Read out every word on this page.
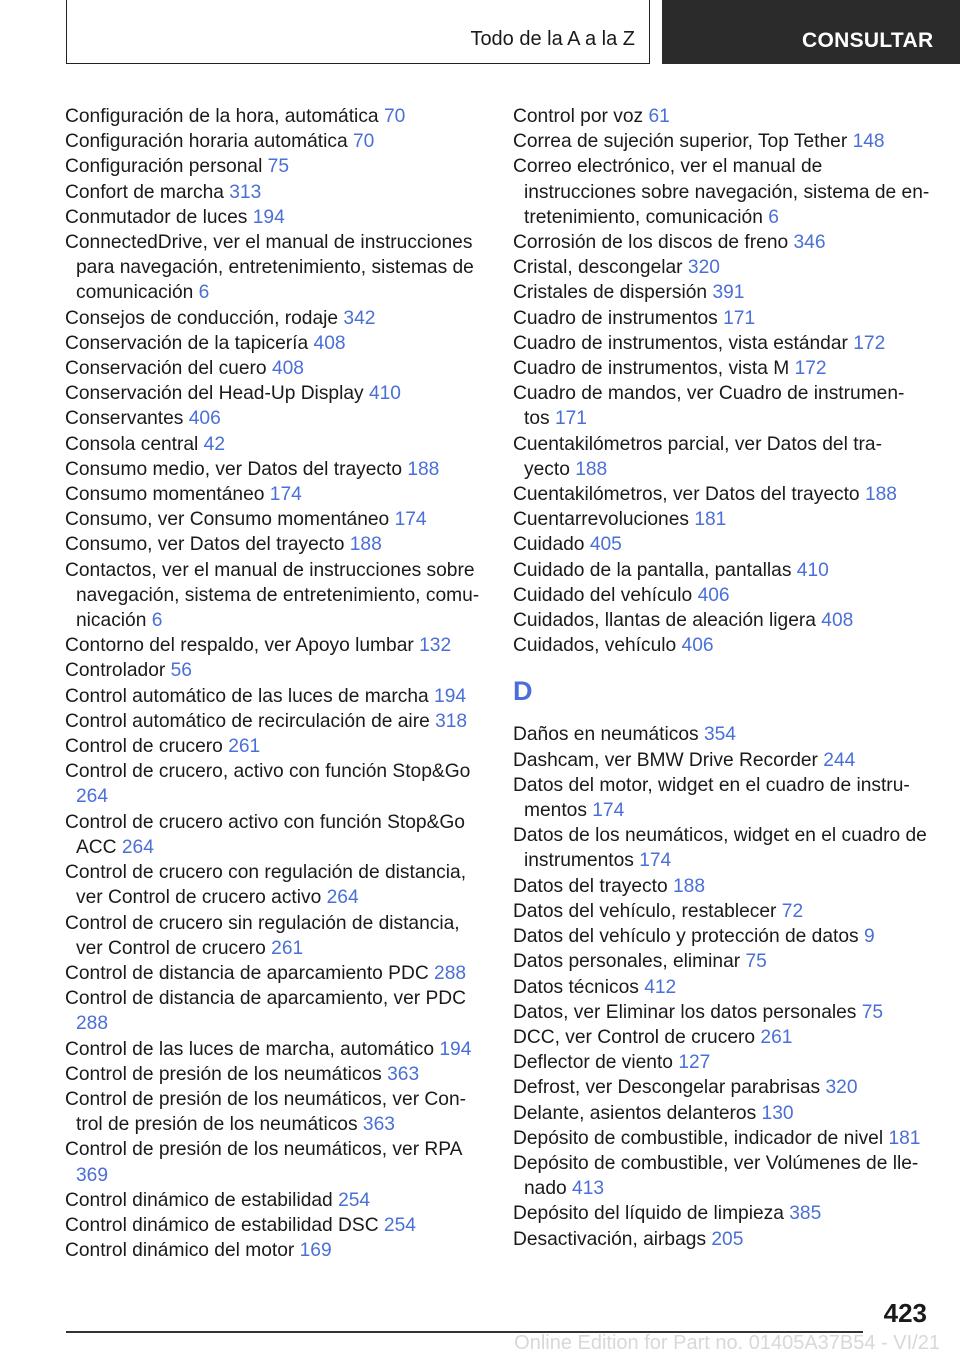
Todo de la A a la Z	CONSULTAR
Configuración de la hora, automática 70
Configuración horaria automática 70
Configuración personal 75
Confort de marcha 313
Conmutador de luces 194
ConnectedDrive, ver el manual de instrucciones para navegación, entretenimiento, sistemas de comunicación 6
Consejos de conducción, rodaje 342
Conservación de la tapicería 408
Conservación del cuero 408
Conservación del Head-Up Display 410
Conservantes 406
Consola central 42
Consumo medio, ver Datos del trayecto 188
Consumo momentáneo 174
Consumo, ver Consumo momentáneo 174
Consumo, ver Datos del trayecto 188
Contactos, ver el manual de instrucciones sobre navegación, sistema de entretenimiento, comu- nicación 6
Contorno del respaldo, ver Apoyo lumbar 132
Controlador 56
Control automático de las luces de marcha 194
Control automático de recirculación de aire 318
Control de crucero 261
Control de crucero, activo con función Stop&Go 264
Control de crucero activo con función Stop&Go ACC 264
Control de crucero con regulación de distancia, ver Control de crucero activo 264
Control de crucero sin regulación de distancia, ver Control de crucero 261
Control de distancia de aparcamiento PDC 288
Control de distancia de aparcamiento, ver PDC 288
Control de las luces de marcha, automático 194
Control de presión de los neumáticos 363
Control de presión de los neumáticos, ver Con- trol de presión de los neumáticos 363
Control de presión de los neumáticos, ver RPA 369
Control dinámico de estabilidad 254
Control dinámico de estabilidad DSC 254
Control dinámico del motor 169
Control por voz 61
Correa de sujeción superior, Top Tether 148
Correo electrónico, ver el manual de instrucciones sobre navegación, sistema de en- tretenimiento, comunicación 6
Corrosión de los discos de freno 346
Cristal, descongelar 320
Cristales de dispersión 391
Cuadro de instrumentos 171
Cuadro de instrumentos, vista estándar 172
Cuadro de instrumentos, vista M 172
Cuadro de mandos, ver Cuadro de instrumen- tos 171
Cuentakilómetros parcial, ver Datos del tra- yecto 188
Cuentakilómetros, ver Datos del trayecto 188
Cuentarrevoluciones 181
Cuidado 405
Cuidado de la pantalla, pantallas 410
Cuidado del vehículo 406
Cuidados, llantas de aleación ligera 408
Cuidados, vehículo 406
D
Daños en neumáticos 354
Dashcam, ver BMW Drive Recorder 244
Datos del motor, widget en el cuadro de instru- mentos 174
Datos de los neumáticos, widget en el cuadro de instrumentos 174
Datos del trayecto 188
Datos del vehículo, restablecer 72
Datos del vehículo y protección de datos 9
Datos personales, eliminar 75
Datos técnicos 412
Datos, ver Eliminar los datos personales 75
DCC, ver Control de crucero 261
Deflector de viento 127
Defrost, ver Descongelar parabrisas 320
Delante, asientos delanteros 130
Depósito de combustible, indicador de nivel 181
Depósito de combustible, ver Volúmenes de lle- nado 413
Depósito del líquido de limpieza 385
Desactivación, airbags 205
423
Online Edition for Part no. 01405A37B54 - VI/21
